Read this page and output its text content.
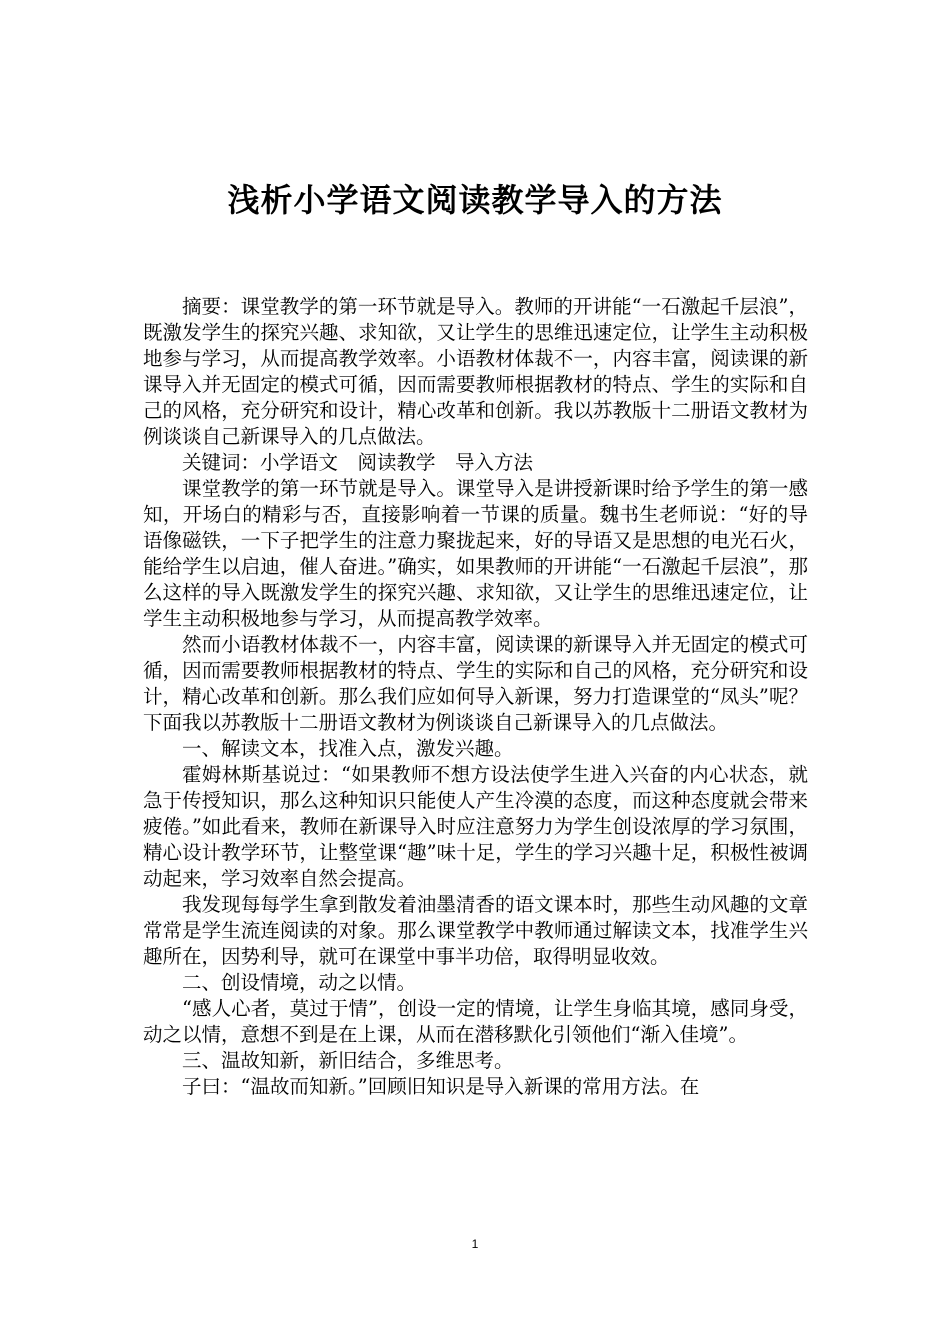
浅析小学语文阅读教学导入的方法

摘要：课堂教学的第一环节就是导入。教师的开讲能“一石激起千层浪”，既激发学生的探究兴趣、求知欲，又让学生的思维迅速定位，让学生主动积极地参与学习，从而提高教学效率。小语教材体裁不一，内容丰富，阅读课的新课导入并无固定的模式可循，因而需要教师根据教材的特点、学生的实际和自己的风格，充分研究和设计，精心改革和创新。我以苏教版十二册语文教材为例谈谈自己新课导入的几点做法。

关键词：小学语文　阅读教学　导入方法

课堂教学的第一环节就是导入。课堂导入是讲授新课时给予学生的第一感知，开场白的精彩与否，直接影响着一节课的质量。魏书生老师说：“好的导语像磁铁，一下子把学生的注意力聚拢起来，好的导语又是思想的电光石火，能给学生以启迪，催人奋进。”确实，如果教师的开讲能“一石激起千层浪”，那么这样的导入既激发学生的探究兴趣、求知欲，又让学生的思维迅速定位，让学生主动积极地参与学习，从而提高教学效率。

然而小语教材体裁不一，内容丰富，阅读课的新课导入并无固定的模式可循，因而需要教师根据教材的特点、学生的实际和自己的风格，充分研究和设计，精心改革和创新。那么我们应如何导入新课，努力打造课堂的“凤头”呢？下面我以苏教版十二册语文教材为例谈谈自己新课导入的几点做法。

一、解读文本，找准入点，激发兴趣。

霍姆林斯基说过：“如果教师不想方设法使学生进入兴奋的内心状态，就急于传授知识，那么这种知识只能使人产生冷漠的态度，而这种态度就会带来疲倦。”如此看来，教师在新课导入时应注意努力为学生创设浓厚的学习氛围，精心设计教学环节，让整堂课“趣”味十足，学生的学习兴趣十足，积极性被调动起来，学习效率自然会提高。

我发现每每学生拿到散发着油墨清香的语文课本时，那些生动风趣的文章常常是学生流连阅读的对象。那么课堂教学中教师通过解读文本，找准学生兴趣所在，因势利导，就可在课堂中事半功倍，取得明显收效。

二、创设情境，动之以情。

“感人心者，莫过于情”，创设一定的情境，让学生身临其境，感同身受，动之以情，意想不到是在上课，从而在潜移默化引领他们“渐入佳境”。

三、温故知新，新旧结合，多维思考。

子曰：“温故而知新。”回顾旧知识是导入新课的常用方法。在

1
